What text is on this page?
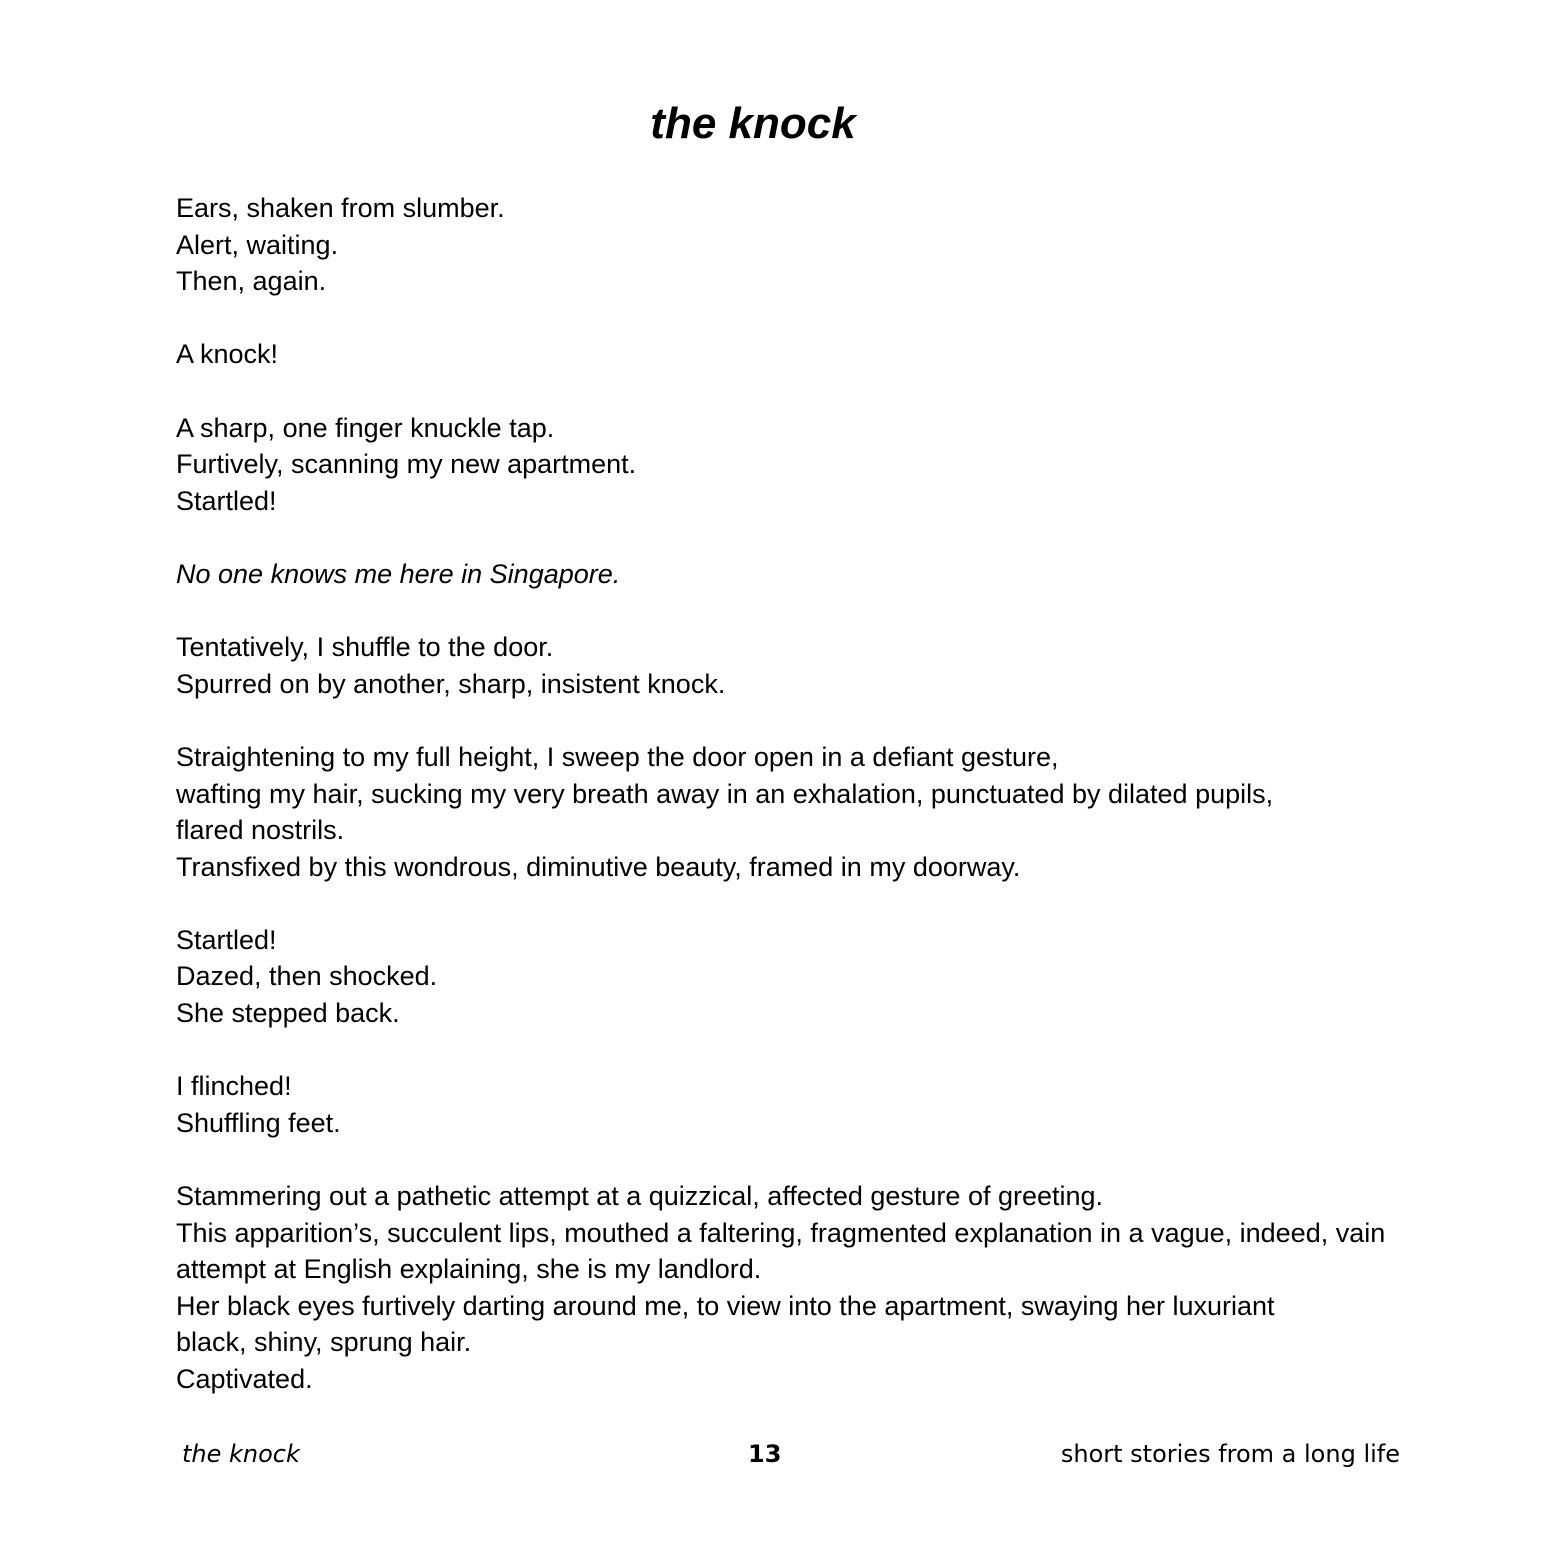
the knock
Ears, shaken from slumber.
Alert, waiting.
Then, again.
A knock!
A sharp, one finger knuckle tap.
Furtively, scanning my new apartment.
Startled!
No one knows me here in Singapore.
Tentatively, I shuffle to the door.
Spurred on by another, sharp, insistent knock.
Straightening to my full height, I sweep the door open in a defiant gesture,
wafting my hair, sucking my very breath away in an exhalation, punctuated by dilated pupils, flared nostrils.
Transfixed by this wondrous, diminutive beauty, framed in my doorway.
Startled!
Dazed, then shocked.
She stepped back.
I flinched!
Shuffling feet.
Stammering out a pathetic attempt at a quizzical, affected gesture of greeting.
This apparition’s, succulent lips, mouthed a faltering, fragmented explanation in a vague, indeed, vain attempt at English explaining, she is my landlord.
Her black eyes furtively darting around me, to view into the apartment, swaying her luxuriant black, shiny, sprung hair.
Captivated.
the knock	13	short stories from a long life
